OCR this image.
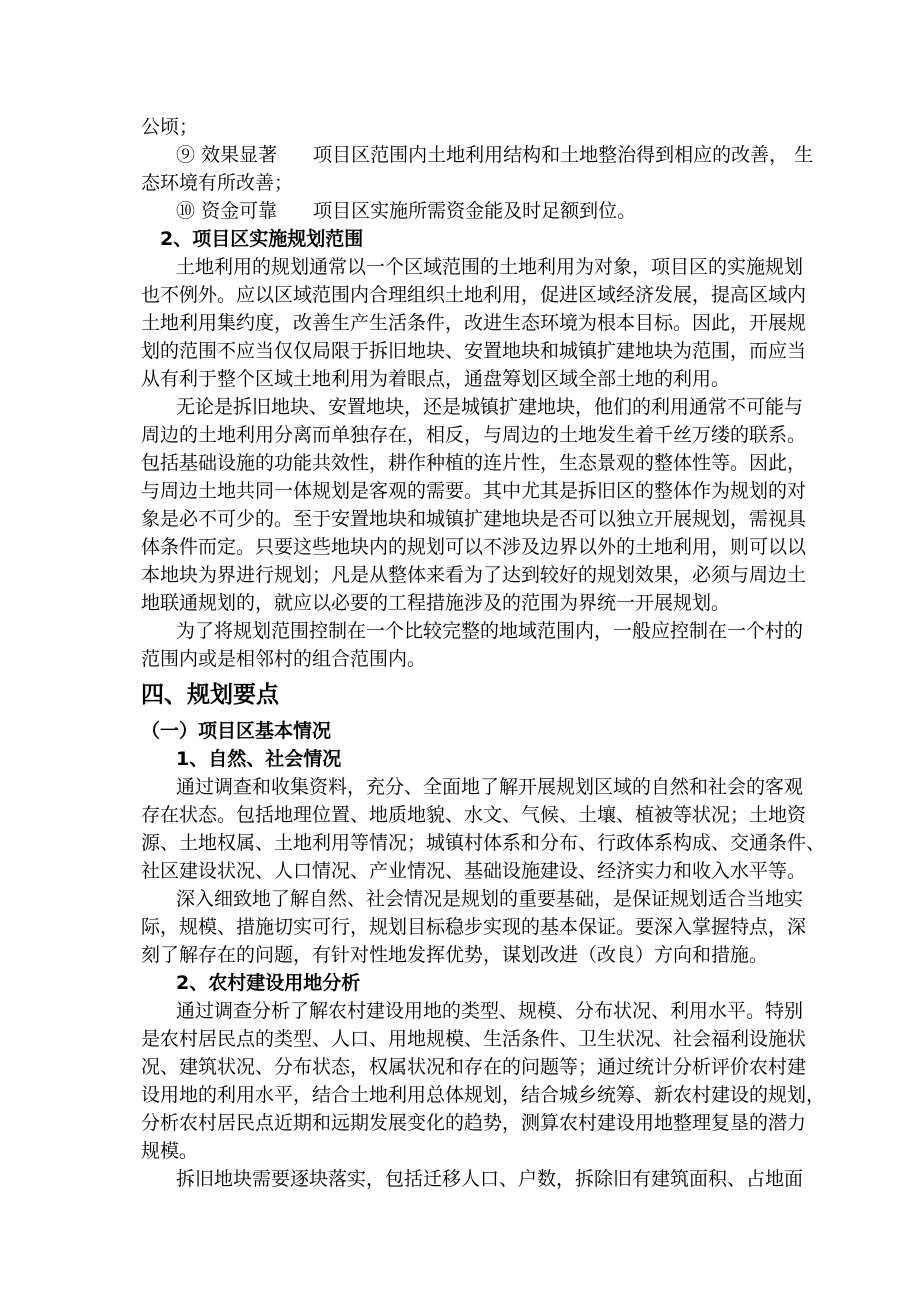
公顷；
⑨ 效果显著 项目区范围内土地利用结构和土地整治得到相应的改善， 生
态环境有所改善；
⑩ 资金可靠 项目区实施所需资金能及时足额到位。
2、项目区实施规划范围
土地利用的规划通常以一个区域范围的土地利用为对象，项目区的实施规划
也不例外。应以区域范围内合理组织土地利用，促进区域经济发展，提高区域内
土地利用集约度，改善生产生活条件，改进生态环境为根本目标。因此，开展规
划的范围不应当仅仅局限于拆旧地块、安置地块和城镇扩建地块为范围，而应当
从有利于整个区域土地利用为着眼点，通盘筹划区域全部土地的利用。
无论是拆旧地块、安置地块，还是城镇扩建地块，他们的利用通常不可能与
周边的土地利用分离而单独存在，相反，与周边的土地发生着千丝万缕的联系。
包括基础设施的功能共效性，耕作种植的连片性，生态景观的整体性等。因此，
与周边土地共同一体规划是客观的需要。其中尤其是拆旧区的整体作为规划的对
象是必不可少的。至于安置地块和城镇扩建地块是否可以独立开展规划，需视具
体条件而定。只要这些地块内的规划可以不涉及边界以外的土地利用，则可以以
本地块为界进行规划；凡是从整体来看为了达到较好的规划效果，必须与周边土
地联通规划的，就应以必要的工程措施涉及的范围为界统一开展规划。
为了将规划范围控制在一个比较完整的地域范围内，一般应控制在一个村的
范围内或是相邻村的组合范围内。
四、规划要点
（一）项目区基本情况
1、自然、社会情况
通过调查和收集资料，充分、全面地了解开展规划区域的自然和社会的客观
存在状态。包括地理位置、地质地貌、水文、气候、土壤、植被等状况；土地资
源、土地权属、土地利用等情况；城镇村体系和分布、行政体系构成、交通条件、
社区建设状况、人口情况、产业情况、基础设施建设、经济实力和收入水平等。
深入细致地了解自然、社会情况是规划的重要基础，是保证规划适合当地实
际，规模、措施切实可行，规划目标稳步实现的基本保证。要深入掌握特点，深
刻了解存在的问题，有针对性地发挥优势，谋划改进（改良）方向和措施。
2、农村建设用地分析
通过调查分析了解农村建设用地的类型、规模、分布状况、利用水平。特别
是农村居民点的类型、人口、用地规模、生活条件、卫生状况、社会福利设施状
况、建筑状况、分布状态，权属状况和存在的问题等；通过统计分析评价农村建
设用地的利用水平，结合土地利用总体规划，结合城乡统筹、新农村建设的规划，
分析农村居民点近期和远期发展变化的趋势，测算农村建设用地整理复垦的潜力
规模。
拆旧地块需要逐块落实，包括迁移人口、户数，拆除旧有建筑面积、占地面
